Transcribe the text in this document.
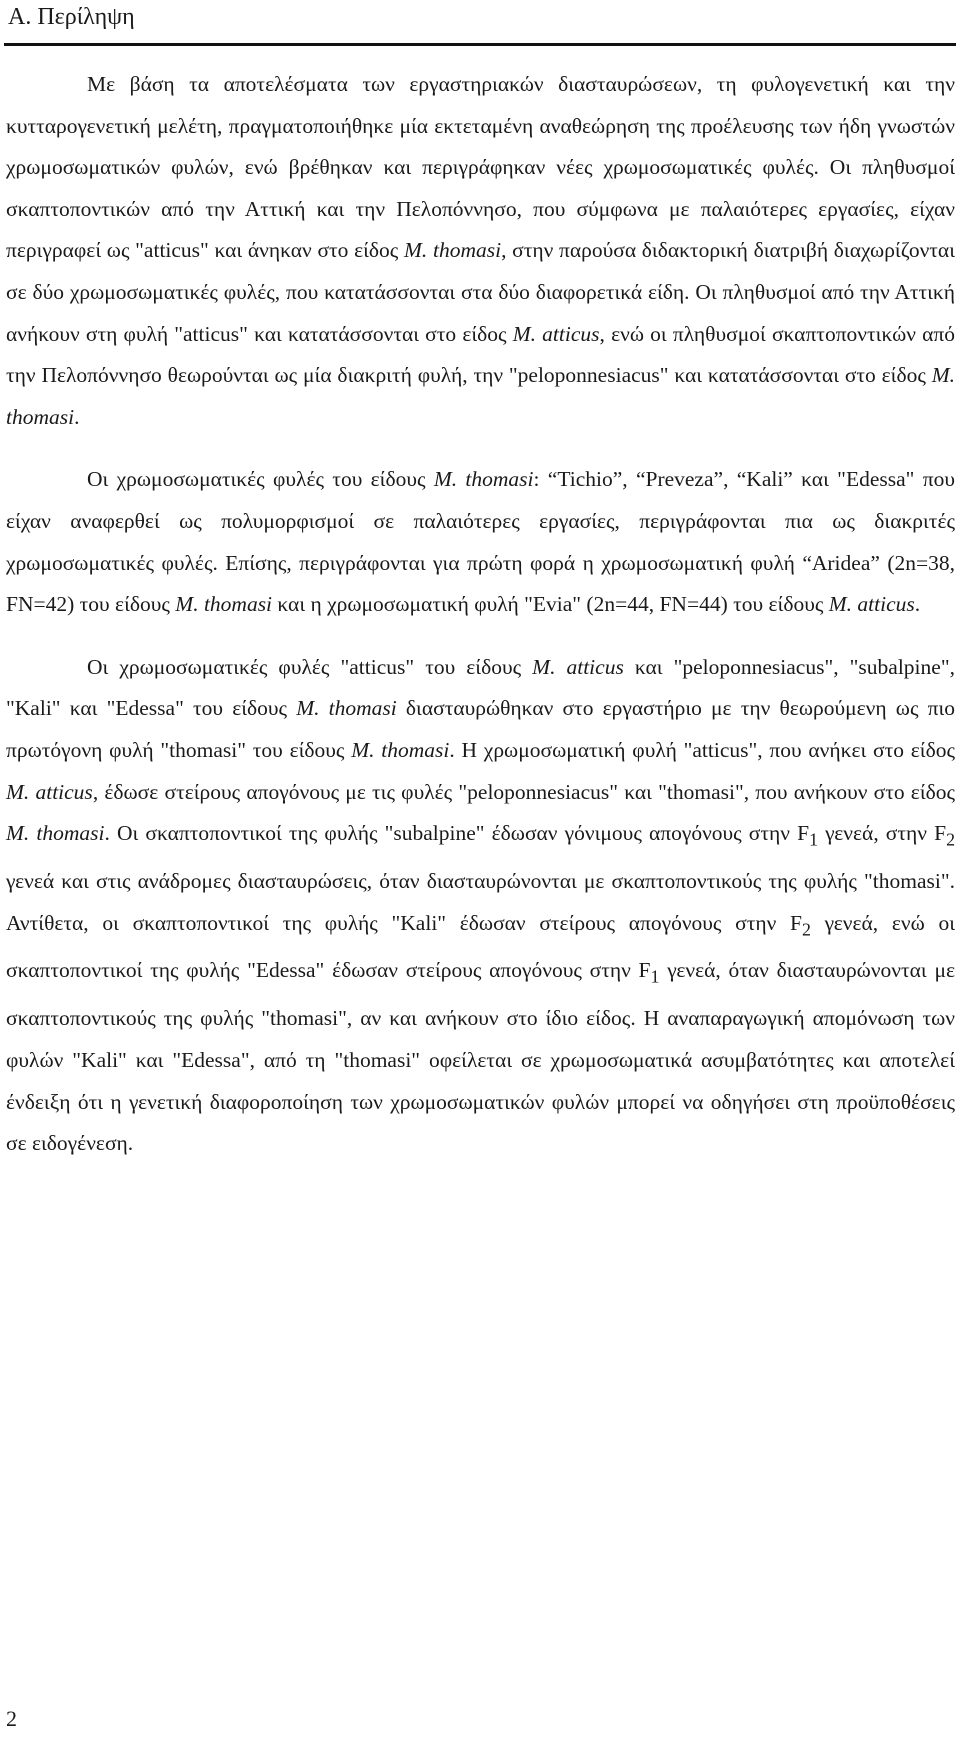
A. Περίληψη

Με βάση τα αποτελέσματα των εργαστηριακών διασταυρώσεων, τη φυλογενετική και την κυτταρογενετική μελέτη, πραγματοποιήθηκε μία εκτεταμένη αναθεώρηση της προέλευσης των ήδη γνωστών χρωμοσωματικών φυλών, ενώ βρέθηκαν και περιγράφηκαν νέες χρωμοσωματικές φυλές. Οι πληθυσμοί σκαπτοποντικών από την Αττική και την Πελοπόννησο, που σύμφωνα με παλαιότερες εργασίες, είχαν περιγραφεί ως "atticus" και άνηκαν στο είδος M. thomasi, στην παρούσα διδακτορική διατριβή διαχωρίζονται σε δύο χρωμοσωματικές φυλές, που κατατάσσονται στα δύο διαφορετικά είδη. Οι πληθυσμοί από την Αττική ανήκουν στη φυλή "atticus" και κατατάσσονται στο είδος M. atticus, ενώ οι πληθυσμοί σκαπτοποντικών από την Πελοπόννησο θεωρούνται ως μία διακριτή φυλή, την "peloponnesiacus" και κατατάσσονται στο είδος M. thomasi.

Οι χρωμοσωματικές φυλές του είδους M. thomasi: “Tichio”, “Preveza”, “Kali” και "Edessa" που είχαν αναφερθεί ως πολυμορφισμοί σε παλαιότερες εργασίες, περιγράφονται πια ως διακριτές χρωμοσωματικές φυλές. Επίσης, περιγράφονται για πρώτη φορά η χρωμοσωματική φυλή “Aridea” (2n=38, FN=42) του είδους M. thomasi και η χρωμοσωματική φυλή "Evia" (2n=44, FN=44) του είδους M. atticus.

Οι χρωμοσωματικές φυλές "atticus" του είδους M. atticus και "peloponnesiacus", "subalpine", "Kali" και "Edessa" του είδους M. thomasi διασταυρώθηκαν στο εργαστήριο με την θεωρούμενη ως πιο πρωτόγονη φυλή "thomasi" του είδους M. thomasi. Η χρωμοσωματική φυλή "atticus", που ανήκει στο είδος M. atticus, έδωσε στείρους απογόνους με τις φυλές "peloponnesiacus" και "thomasi", που ανήκουν στο είδος M. thomasi. Οι σκαπτοποντικοί της φυλής "subalpine" έδωσαν γόνιμους απογόνους στην $F_1$ γενεά, στην $F_2$ γενεά και στις ανάδρομες διασταυρώσεις, όταν διασταυρώνονται με σκαπτοποντικούς της φυλής "thomasi". Αντίθετα, οι σκαπτοποντικοί της φυλής "Kali" έδωσαν στείρους απογόνους στην $F_2$ γενεά, ενώ οι σκαπτοποντικοί της φυλής "Edessa" έδωσαν στείρους απογόνους στην $F_1$ γενεά, όταν διασταυρώνονται με σκαπτοποντικούς της φυλής "thomasi", αν και ανήκουν στο ίδιο είδος. Η αναπαραγωγική απομόνωση των φυλών "Kali" και "Edessa", από τη "thomasi" οφείλεται σε χρωμοσωματικά ασυμβατότητες και αποτελεί ένδειξη ότι η γενετική διαφοροποίηση των χρωμοσωματικών φυλών μπορεί να οδηγήσει στη προϋποθέσεις σε ειδογένεση.

2
